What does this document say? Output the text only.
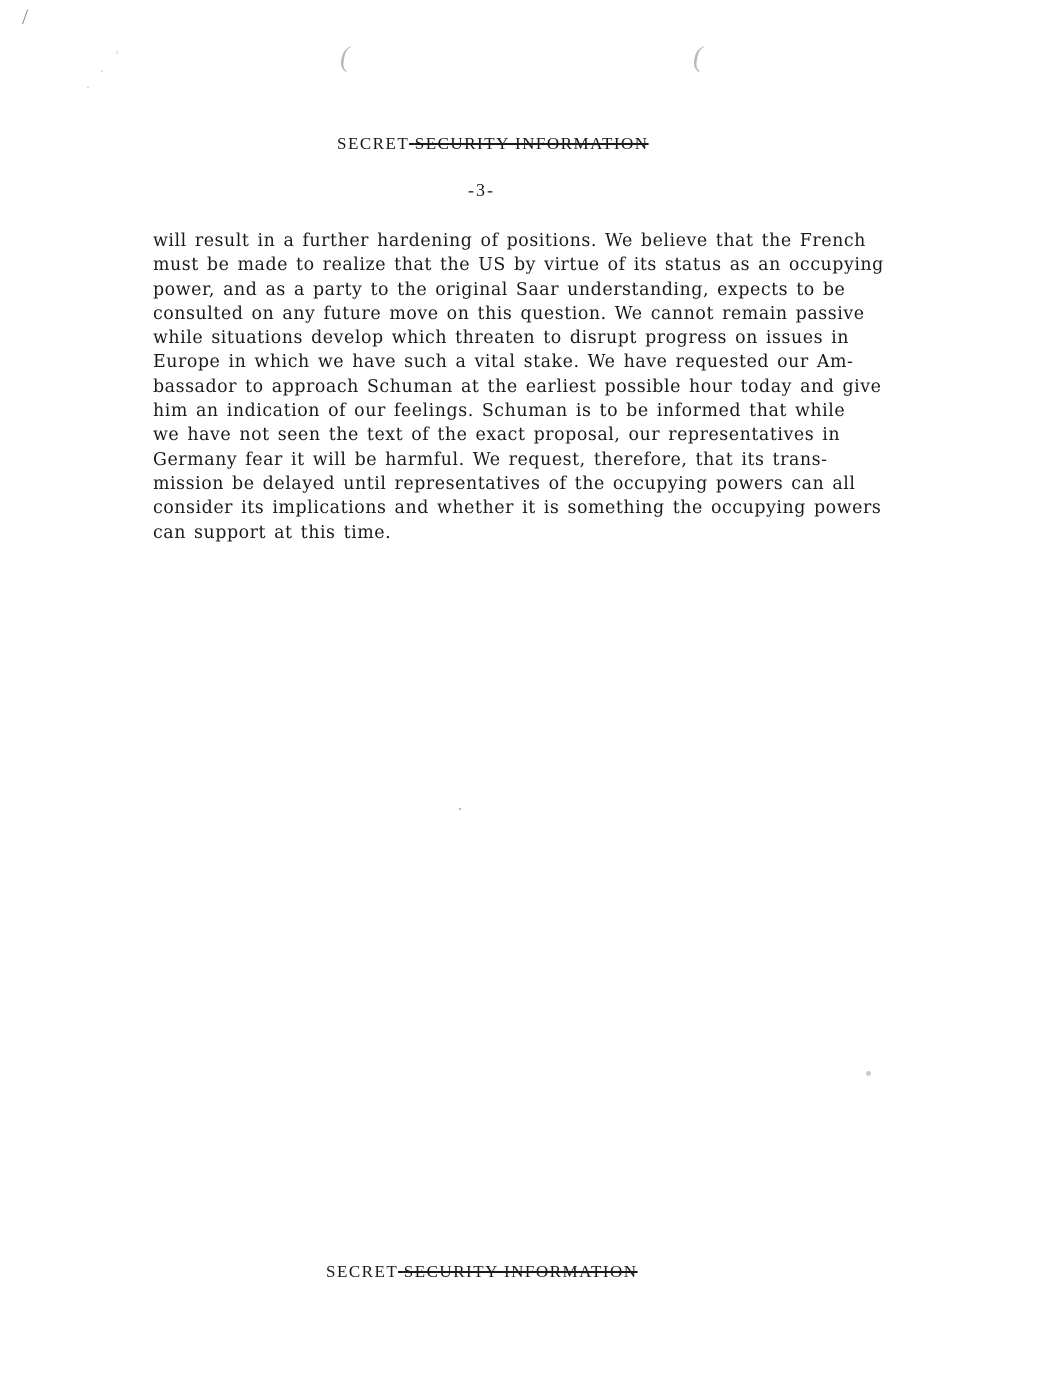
/
(	(
'
·
·
SECRET SECURITY INFORMATION
-3-
will result in a further hardening of positions. We believe that the French
must be made to realize that the US by virtue of its status as an occupying
power, and as a party to the original Saar understanding, expects to be
consulted on any future move on this question. We cannot remain passive
while situations develop which threaten to disrupt progress on issues in
Europe in which we have such a vital stake. We have requested our Am-
bassador to approach Schuman at the earliest possible hour today and give
him an indication of our feelings. Schuman is to be informed that while
we have not seen the text of the exact proposal, our representatives in
Germany fear it will be harmful. We request, therefore, that its trans-
mission be delayed until representatives of the occupying powers can all
consider its implications and whether it is something the occupying powers
can support at this time.
SECRET SECURITY INFORMATION
